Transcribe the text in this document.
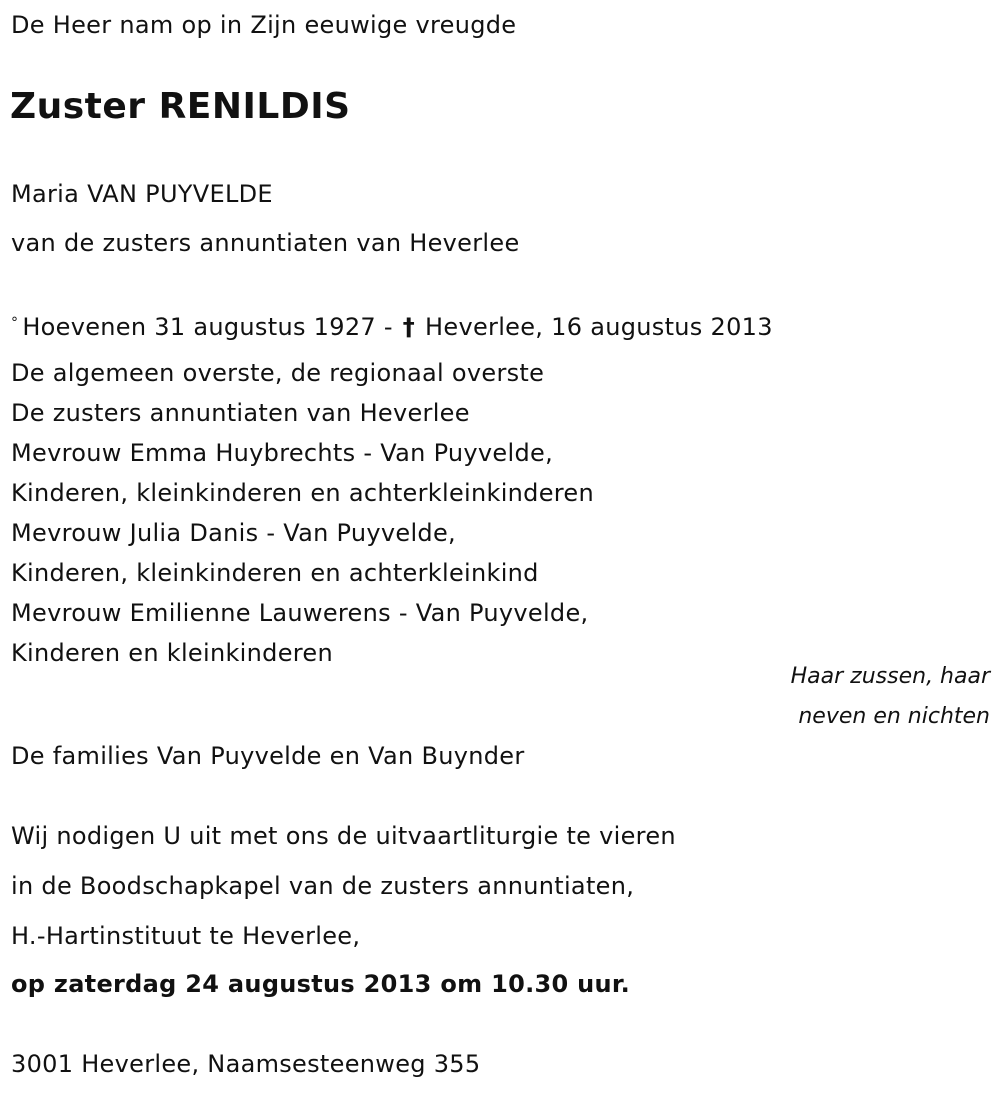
De Heer nam op in Zijn eeuwige vreugde
Zuster RENILDIS
Maria VAN PUYVELDE
van de zusters annuntiaten van Heverlee
° Hoevenen 31 augustus 1927 - † Heverlee, 16 augustus 2013
De algemeen overste, de regionaal overste
De zusters annuntiaten van Heverlee
Mevrouw Emma Huybrechts - Van Puyvelde,
Kinderen, kleinkinderen en achterkleinkinderen
Mevrouw Julia Danis - Van Puyvelde,
Kinderen, kleinkinderen en achterkleinkind
Mevrouw Emilienne Lauwerens - Van Puyvelde,
Kinderen en kleinkinderen
Haar zussen, haar
neven en nichten
De families Van Puyvelde en Van Buynder
Wij nodigen U uit met ons de uitvaartliturgie te vieren
in de Boodschapkapel van de zusters annuntiaten,
H.-Hartinstituut te Heverlee,
op zaterdag 24 augustus 2013 om 10.30 uur.
3001 Heverlee, Naamsesteenweg 355
